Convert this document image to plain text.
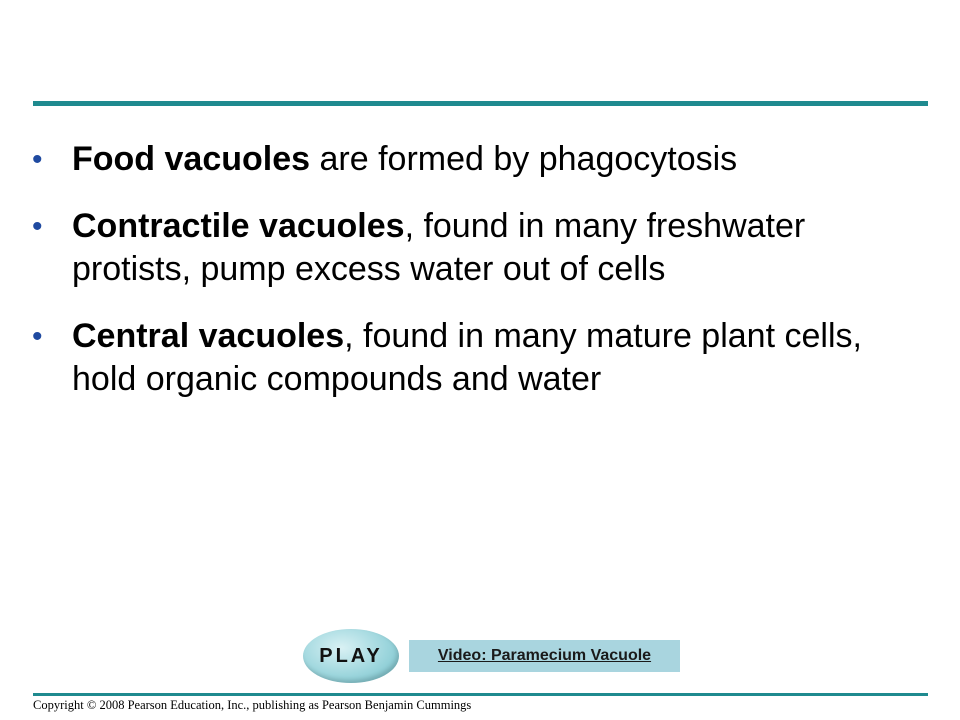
• Food vacuoles are formed by phagocytosis
• Contractile vacuoles, found in many freshwater protists, pump excess water out of cells
• Central vacuoles, found in many mature plant cells, hold organic compounds and water
PLAY	Video: Paramecium Vacuole
Copyright © 2008 Pearson Education, Inc., publishing as Pearson Benjamin Cummings
